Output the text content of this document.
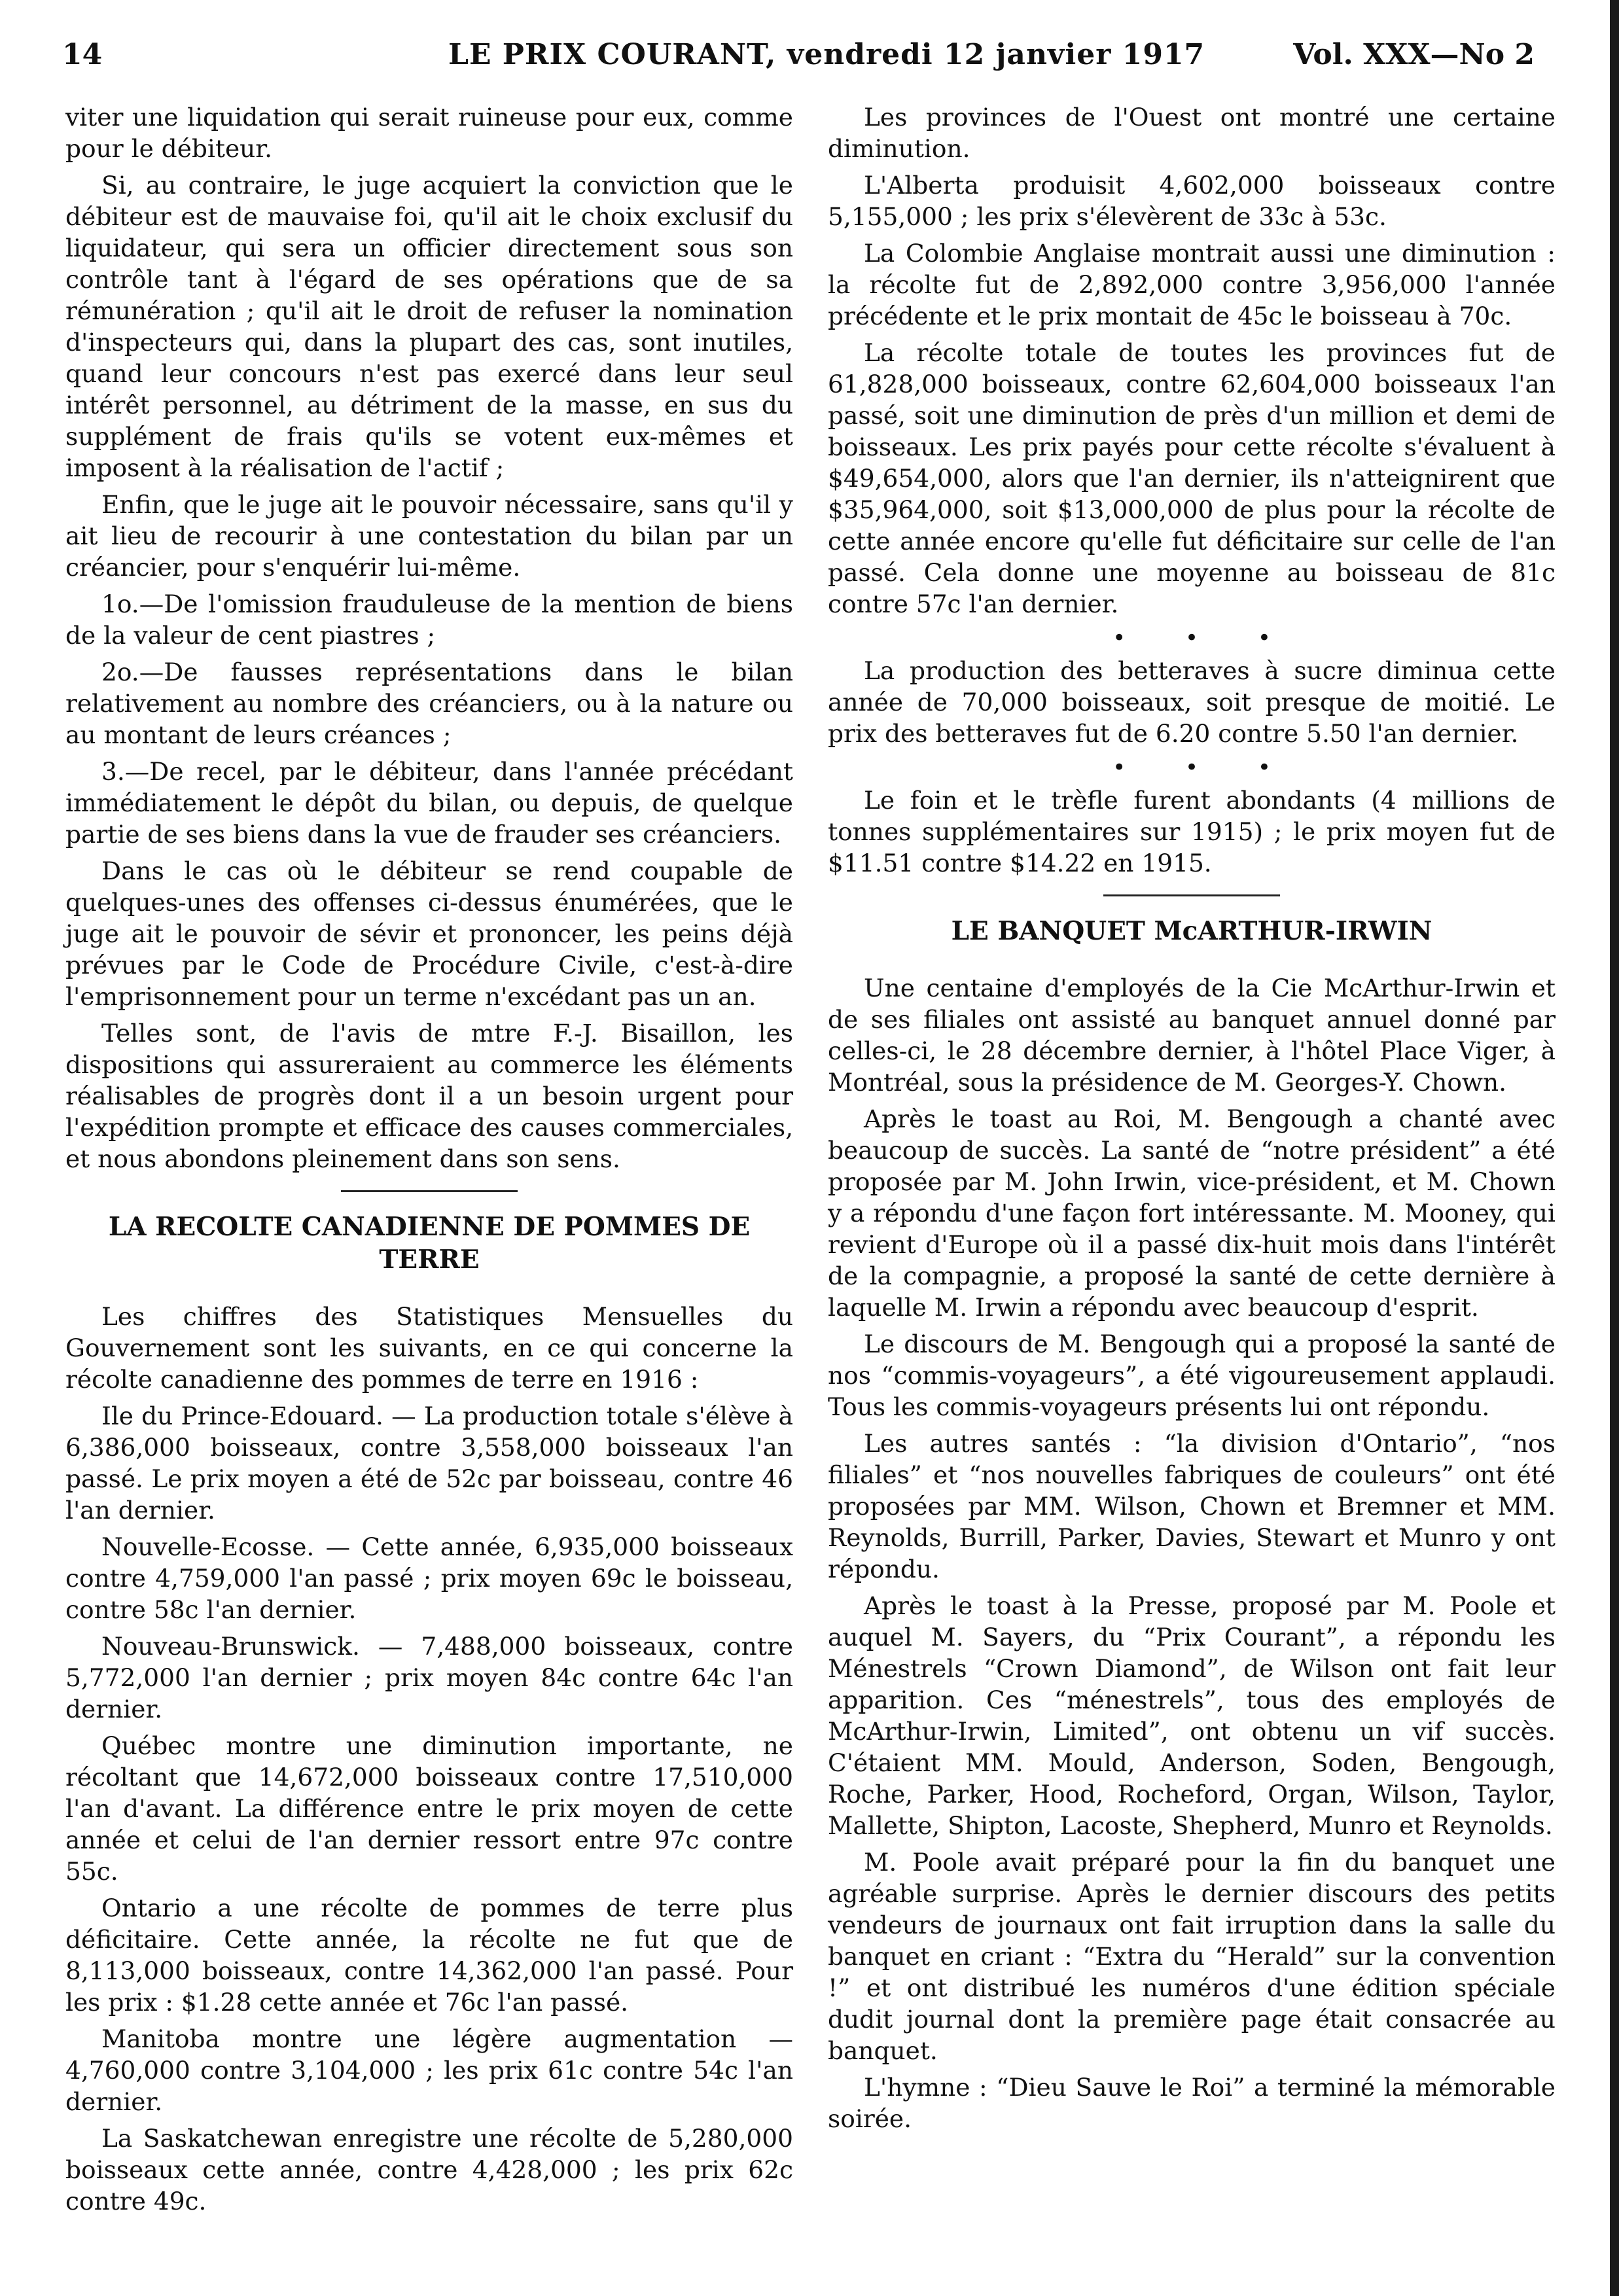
14	LE PRIX COURANT, vendredi 12 janvier 1917	Vol. XXX—No 2

viter une liquidation qui serait ruineuse pour eux, comme pour le débiteur.

Si, au contraire, le juge acquiert la conviction que le débiteur est de mauvaise foi, qu'il ait le choix exclusif du liquidateur, qui sera un officier directement sous son contrôle tant à l'égard de ses opérations que de sa rémunération ; qu'il ait le droit de refuser la nomination d'inspecteurs qui, dans la plupart des cas, sont inutiles, quand leur concours n'est pas exercé dans leur seul intérêt personnel, au détriment de la masse, en sus du supplément de frais qu'ils se votent eux-mêmes et imposent à la réalisation de l'actif ;

Enfin, que le juge ait le pouvoir nécessaire, sans qu'il y ait lieu de recourir à une contestation du bilan par un créancier, pour s'enquérir lui-même.

1o.—De l'omission frauduleuse de la mention de biens de la valeur de cent piastres ;

2o.—De fausses représentations dans le bilan relativement au nombre des créanciers, ou à la nature ou au montant de leurs créances ;

3.—De recel, par le débiteur, dans l'année précédant immédiatement le dépôt du bilan, ou depuis, de quelque partie de ses biens dans la vue de frauder ses créanciers.

Dans le cas où le débiteur se rend coupable de quelques-unes des offenses ci-dessus énumérées, que le juge ait le pouvoir de sévir et prononcer, les peins déjà prévues par le Code de Procédure Civile, c'est-à-dire l'emprisonnement pour un terme n'excédant pas un an.

Telles sont, de l'avis de mtre F.-J. Bisaillon, les dispositions qui assureraient au commerce les éléments réalisables de progrès dont il a un besoin urgent pour l'expédition prompte et efficace des causes commerciales, et nous abondons pleinement dans son sens.

LA RECOLTE CANADIENNE DE POMMES DE TERRE

Les chiffres des Statistiques Mensuelles du Gouvernement sont les suivants, en ce qui concerne la récolte canadienne des pommes de terre en 1916 :

Ile du Prince-Edouard. — La production totale s'élève à 6,386,000 boisseaux, contre 3,558,000 boisseaux l'an passé. Le prix moyen a été de 52c par boisseau, contre 46 l'an dernier.

Nouvelle-Ecosse. — Cette année, 6,935,000 boisseaux contre 4,759,000 l'an passé ; prix moyen 69c le boisseau, contre 58c l'an dernier.

Nouveau-Brunswick. — 7,488,000 boisseaux, contre 5,772,000 l'an dernier ; prix moyen 84c contre 64c l'an dernier.

Québec montre une diminution importante, ne récoltant que 14,672,000 boisseaux contre 17,510,000 l'an d'avant. La différence entre le prix moyen de cette année et celui de l'an dernier ressort entre 97c contre 55c.

Ontario a une récolte de pommes de terre plus déficitaire. Cette année, la récolte ne fut que de 8,113,000 boisseaux, contre 14,362,000 l'an passé. Pour les prix : $1.28 cette année et 76c l'an passé.

Manitoba montre une légère augmentation — 4,760,000 contre 3,104,000 ; les prix 61c contre 54c l'an dernier.

La Saskatchewan enregistre une récolte de 5,280,000 boisseaux cette année, contre 4,428,000 ; les prix 62c contre 49c.

Les provinces de l'Ouest ont montré une certaine diminution.

L'Alberta produisit 4,602,000 boisseaux contre 5,155,000 ; les prix s'élevèrent de 33c à 53c.

La Colombie Anglaise montrait aussi une diminution : la récolte fut de 2,892,000 contre 3,956,000 l'année précédente et le prix montait de 45c le boisseau à 70c.

La récolte totale de toutes les provinces fut de 61,828,000 boisseaux, contre 62,604,000 boisseaux l'an passé, soit une diminution de près d'un million et demi de boisseaux. Les prix payés pour cette récolte s'évaluent à $49,654,000, alors que l'an dernier, ils n'atteignirent que $35,964,000, soit $13,000,000 de plus pour la récolte de cette année encore qu'elle fut déficitaire sur celle de l'an passé. Cela donne une moyenne au boisseau de 81c contre 57c l'an dernier.

• • •

La production des betteraves à sucre diminua cette année de 70,000 boisseaux, soit presque de moitié. Le prix des betteraves fut de 6.20 contre 5.50 l'an dernier.

• • •

Le foin et le trèfle furent abondants (4 millions de tonnes supplémentaires sur 1915) ; le prix moyen fut de $11.51 contre $14.22 en 1915.

LE BANQUET McARTHUR-IRWIN

Une centaine d'employés de la Cie McArthur-Irwin et de ses filiales ont assisté au banquet annuel donné par celles-ci, le 28 décembre dernier, à l'hôtel Place Viger, à Montréal, sous la présidence de M. Georges-Y. Chown.

Après le toast au Roi, M. Bengough a chanté avec beaucoup de succès. La santé de “notre président” a été proposée par M. John Irwin, vice-président, et M. Chown y a répondu d'une façon fort intéressante. M. Mooney, qui revient d'Europe où il a passé dix-huit mois dans l'intérêt de la compagnie, a proposé la santé de cette dernière à laquelle M. Irwin a répondu avec beaucoup d'esprit.

Le discours de M. Bengough qui a proposé la santé de nos “commis-voyageurs”, a été vigoureusement applaudi. Tous les commis-voyageurs présents lui ont répondu.

Les autres santés : “la division d'Ontario”, “nos filiales” et “nos nouvelles fabriques de couleurs” ont été proposées par MM. Wilson, Chown et Bremner et MM. Reynolds, Burrill, Parker, Davies, Stewart et Munro y ont répondu.

Après le toast à la Presse, proposé par M. Poole et auquel M. Sayers, du “Prix Courant”, a répondu les Ménestrels “Crown Diamond”, de Wilson ont fait leur apparition. Ces “ménestrels”, tous des employés de McArthur-Irwin, Limited”, ont obtenu un vif succès. C'étaient MM. Mould, Anderson, Soden, Bengough, Roche, Parker, Hood, Rocheford, Organ, Wilson, Taylor, Mallette, Shipton, Lacoste, Shepherd, Munro et Reynolds.

M. Poole avait préparé pour la fin du banquet une agréable surprise. Après le dernier discours des petits vendeurs de journaux ont fait irruption dans la salle du banquet en criant : “Extra du “Herald” sur la convention !” et ont distribué les numéros d'une édition spéciale dudit journal dont la première page était consacrée au banquet.

L'hymne : “Dieu Sauve le Roi” a terminé la mémorable soirée.
